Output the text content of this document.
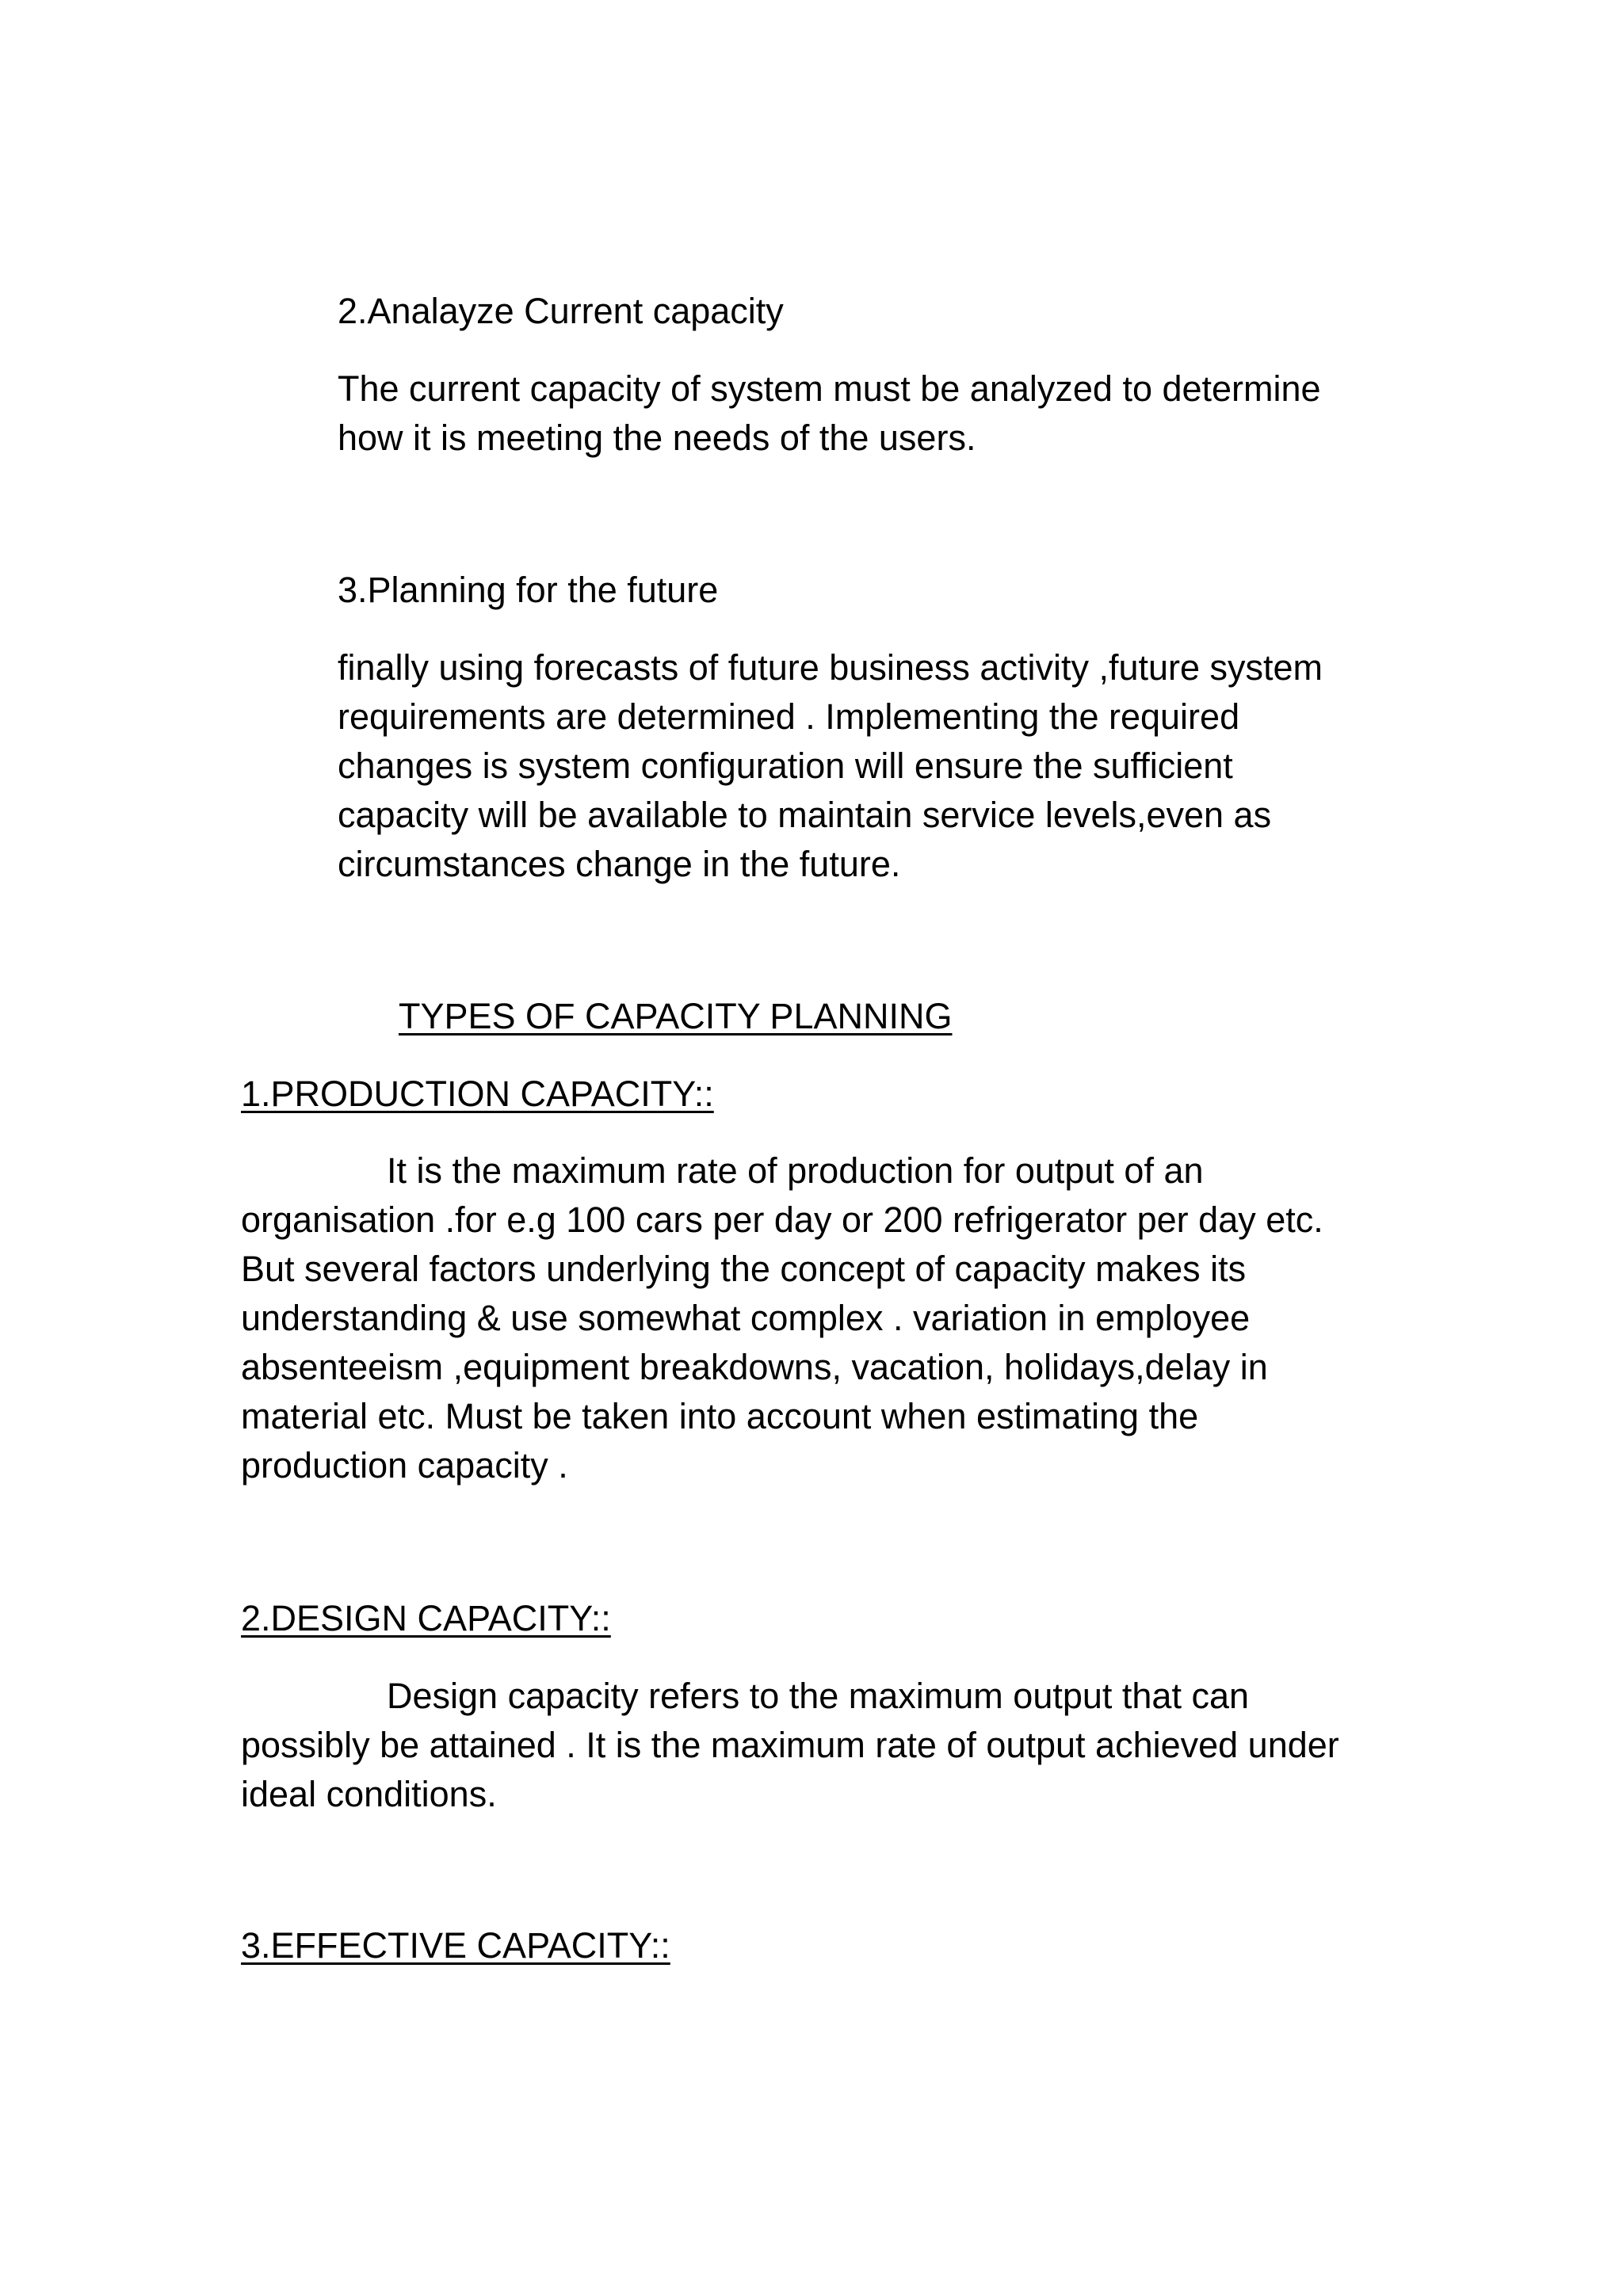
2.Analayze Current capacity

The current capacity of system must be analyzed to determine

how it is meeting the needs of the users.

3.Planning for the future

finally using forecasts of future business activity ,future system

requirements are determined . Implementing the required

changes is system configuration will ensure the sufficient

capacity will be available to maintain service levels,even as

circumstances change in the future.

TYPES OF CAPACITY PLANNING

1.PRODUCTION CAPACITY::

It is the maximum rate of production for output of an

organisation .for e.g 100 cars per day or 200 refrigerator per day etc.

But several factors underlying the concept of capacity makes its

understanding & use somewhat complex . variation in employee

absenteeism ,equipment breakdowns, vacation, holidays,delay in

material etc. Must be taken into account when estimating the

production capacity .

2.DESIGN CAPACITY::

Design capacity refers to the maximum output that can

possibly be attained . It is the maximum rate of output achieved under

ideal conditions.

3.EFFECTIVE CAPACITY::
